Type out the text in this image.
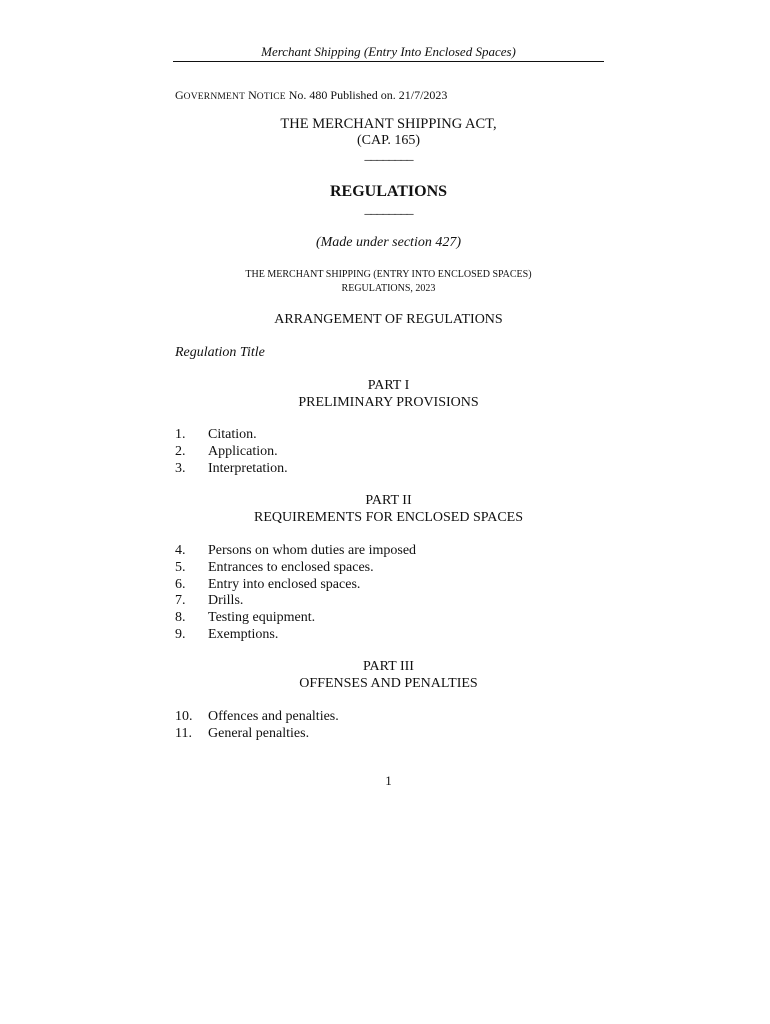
Merchant Shipping (Entry Into Enclosed Spaces)
GOVERNMENT NOTICE No. 480 Published on. 21/7/2023
THE MERCHANT SHIPPING ACT,
(CAP. 165)
________
REGULATIONS
________
(Made under section 427)
THE MERCHANT SHIPPING (ENTRY INTO ENCLOSED SPACES)
REGULATIONS, 2023
ARRANGEMENT OF REGULATIONS
Regulation Title
PART I
PRELIMINARY PROVISIONS
1. Citation.
2. Application.
3. Interpretation.
PART II
REQUIREMENTS FOR ENCLOSED SPACES
4. Persons on whom duties are imposed
5. Entrances to enclosed spaces.
6. Entry into enclosed spaces.
7. Drills.
8. Testing equipment.
9. Exemptions.
PART III
OFFENSES AND PENALTIES
10. Offences and penalties.
11. General penalties.
1
